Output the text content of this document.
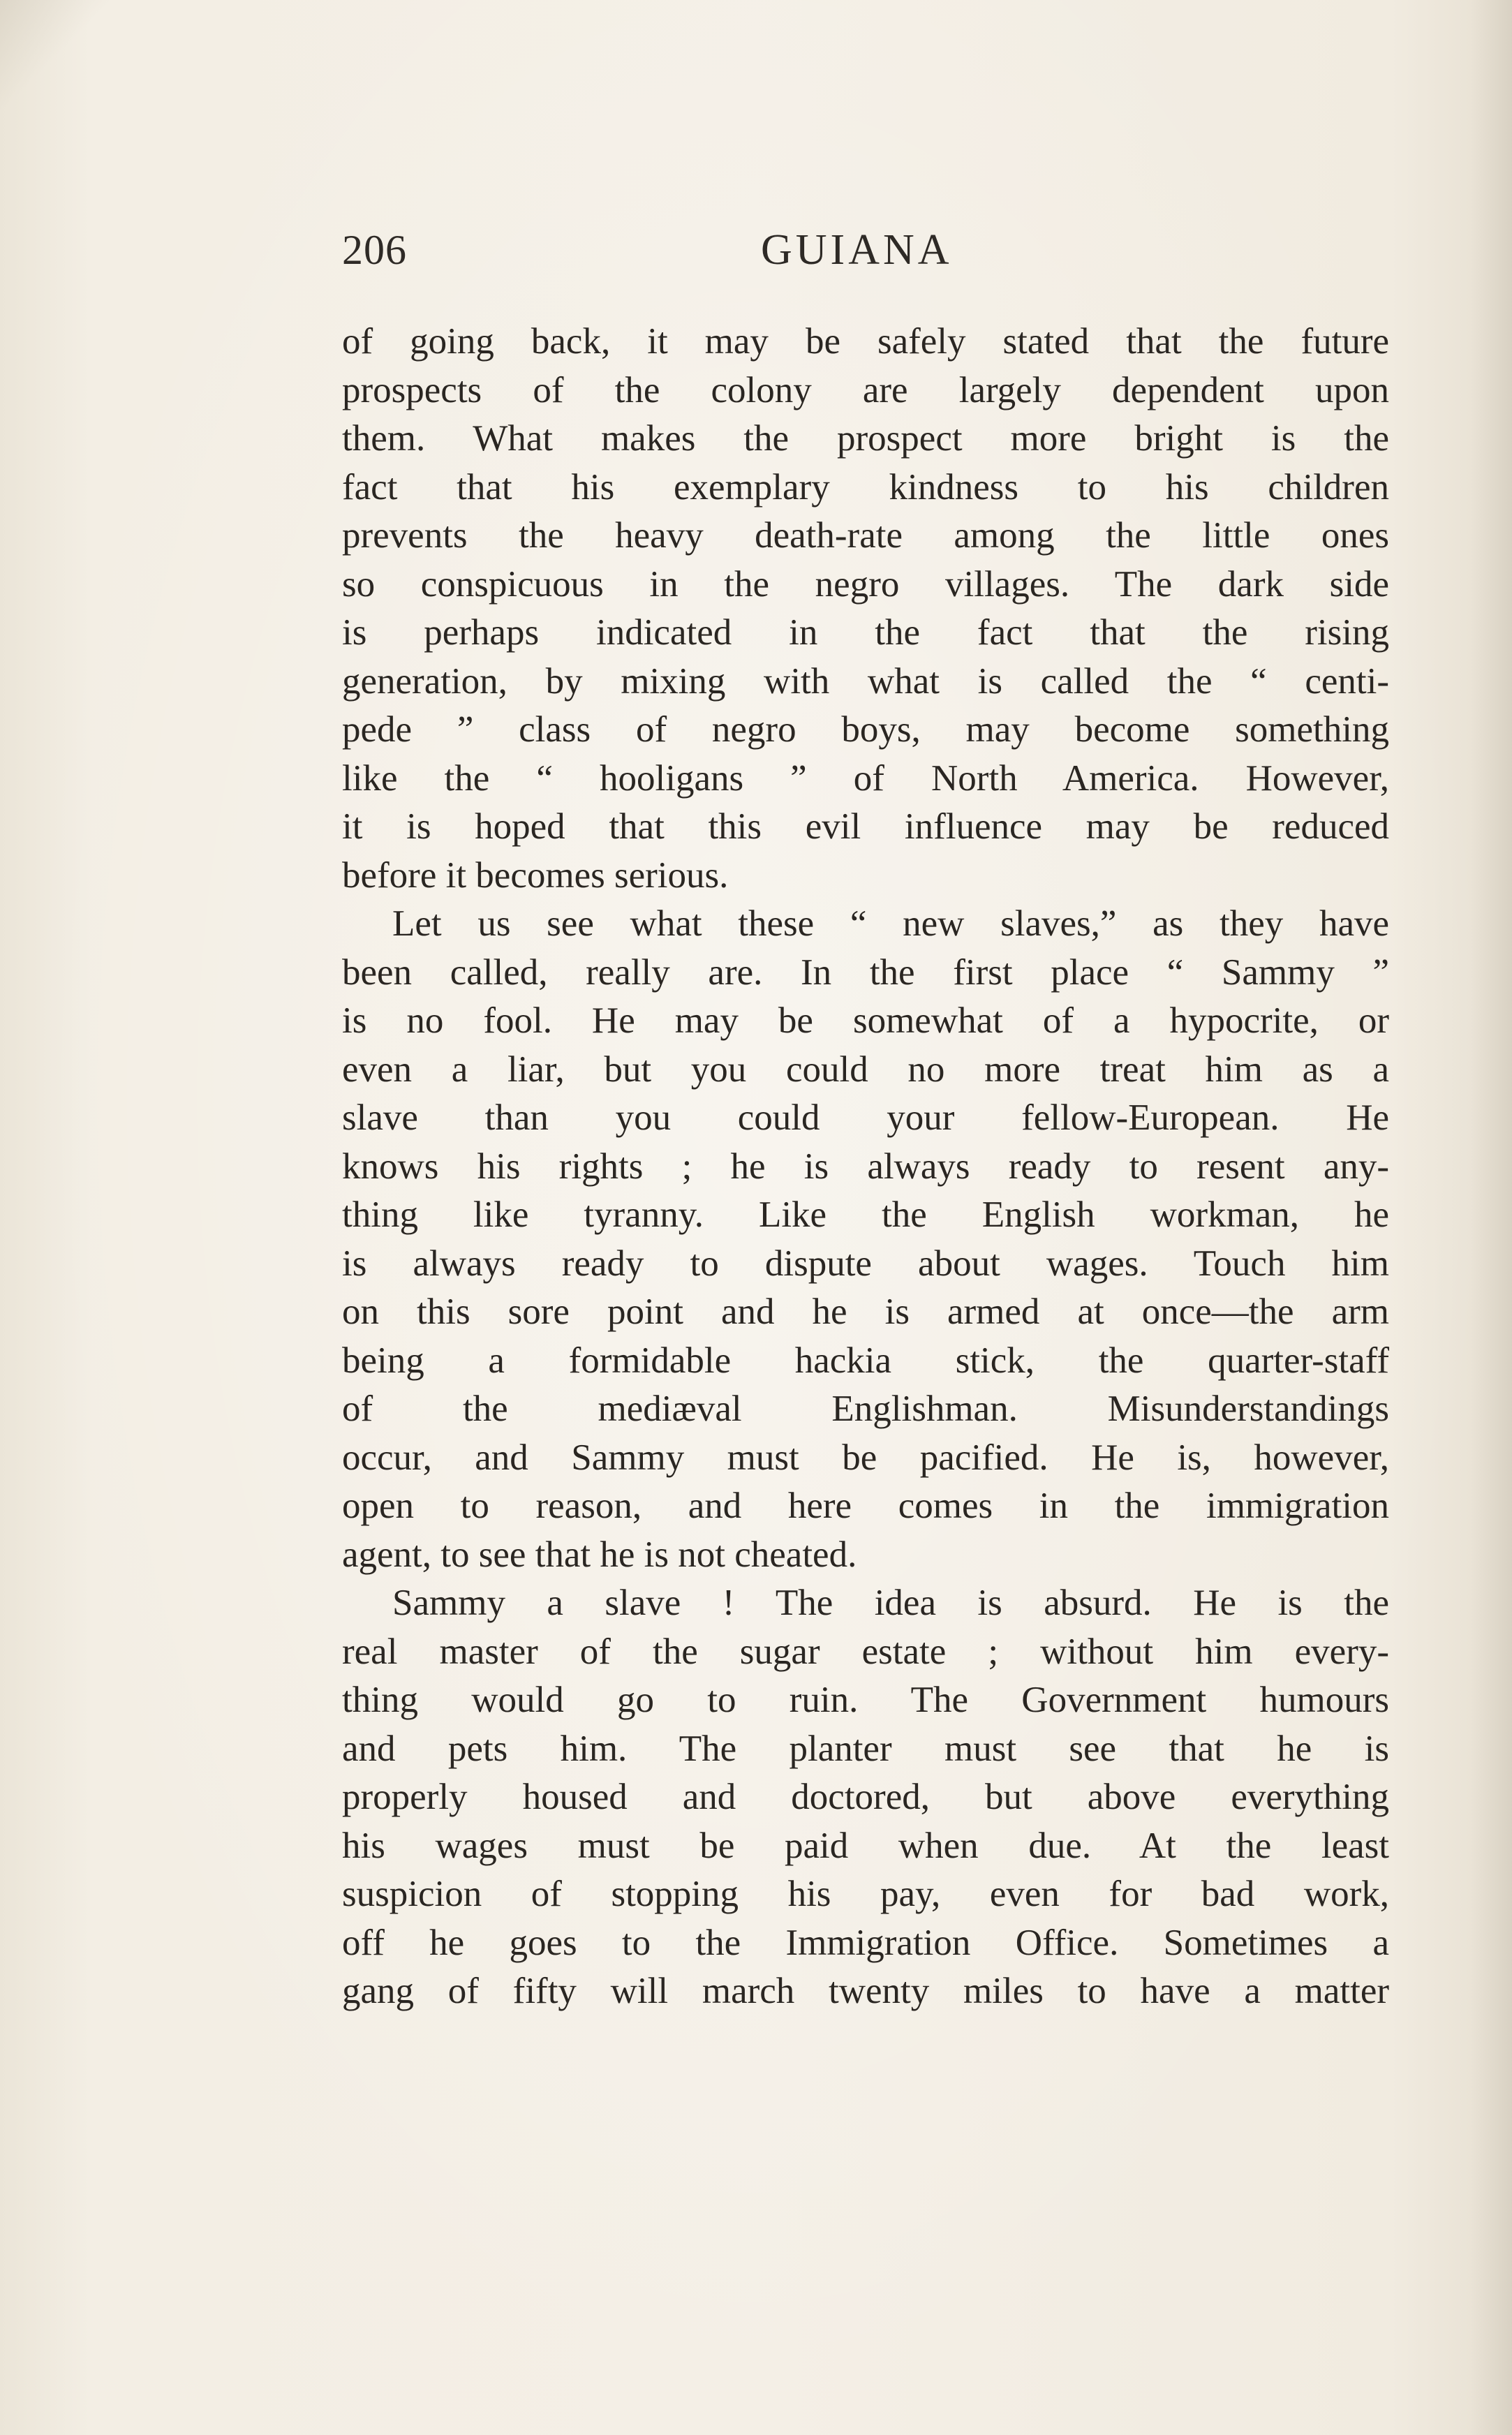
206	GUIANA
of going back, it may be safely stated that the future
prospects of the colony are largely dependent upon
them. What makes the prospect more bright is the
fact that his exemplary kindness to his children
prevents the heavy death-rate among the little ones
so conspicuous in the negro villages. The dark side
is perhaps indicated in the fact that the rising
generation, by mixing with what is called the “ centi-
pede ” class of negro boys, may become something
like the “ hooligans ” of North America. However,
it is hoped that this evil influence may be reduced
before it becomes serious.
Let us see what these “ new slaves,” as they have
been called, really are. In the first place “ Sammy ”
is no fool. He may be somewhat of a hypocrite, or
even a liar, but you could no more treat him as a
slave than you could your fellow-European. He
knows his rights ; he is always ready to resent any-
thing like tyranny. Like the English workman, he
is always ready to dispute about wages. Touch him
on this sore point and he is armed at once—the arm
being a formidable hackia stick, the quarter-staff
of the mediæval Englishman. Misunderstandings
occur, and Sammy must be pacified. He is, however,
open to reason, and here comes in the immigration
agent, to see that he is not cheated.
Sammy a slave ! The idea is absurd. He is the
real master of the sugar estate ; without him every-
thing would go to ruin. The Government humours
and pets him. The planter must see that he is
properly housed and doctored, but above everything
his wages must be paid when due. At the least
suspicion of stopping his pay, even for bad work,
off he goes to the Immigration Office. Sometimes a
gang of fifty will march twenty miles to have a matter
